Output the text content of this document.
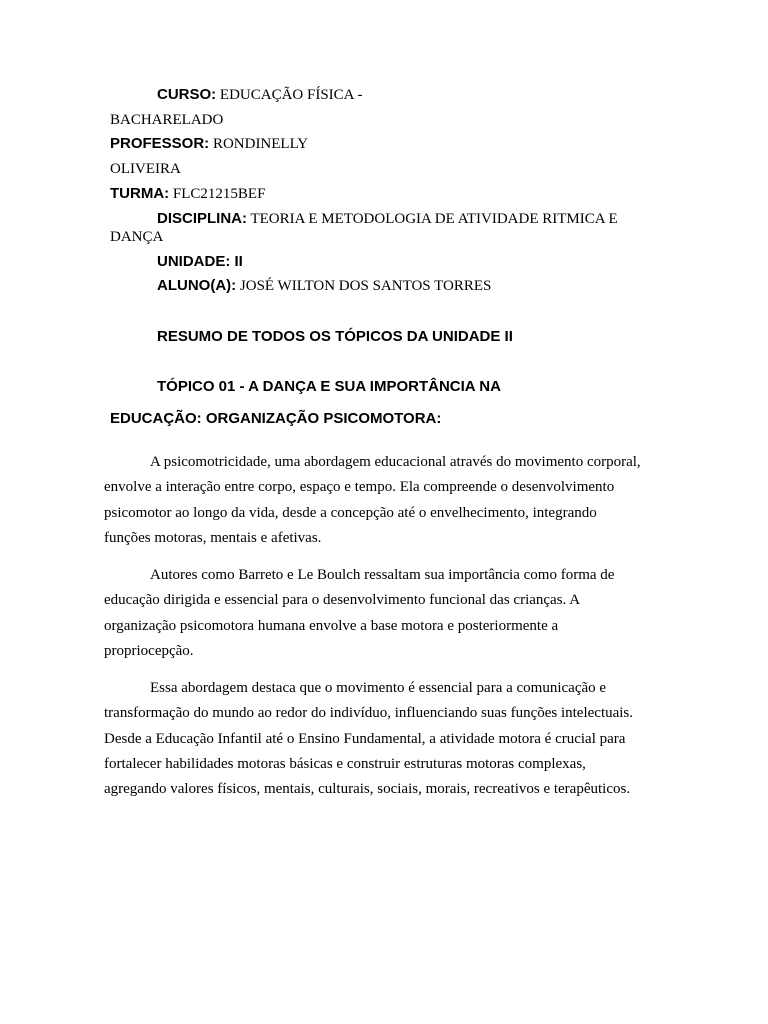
CURSO: EDUCAÇÃO FÍSICA -
BACHARELADO
PROFESSOR: RONDINELLY
OLIVEIRA
TURMA: FLC21215BEF
DISCIPLINA: TEORIA E METODOLOGIA DE ATIVIDADE RITMICA E
DANÇA
UNIDADE: II
ALUNO(A): JOSÉ WILTON DOS SANTOS TORRES
RESUMO DE TODOS OS TÓPICOS DA UNIDADE II
TÓPICO 01 - A DANÇA E SUA IMPORTÂNCIA NA
EDUCAÇÃO: ORGANIZAÇÃO PSICOMOTORA:
A psicomotricidade, uma abordagem educacional através do movimento corporal,
envolve a interação entre corpo, espaço e tempo. Ela compreende o desenvolvimento
psicomotor ao longo da vida, desde a concepção até o envelhecimento, integrando
funções motoras, mentais e afetivas.
Autores como Barreto e Le Boulch ressaltam sua importância como forma de
educação dirigida e essencial para o desenvolvimento funcional das crianças. A
organização psicomotora humana envolve a base motora e posteriormente a
propriocepção.
Essa abordagem destaca que o movimento é essencial para a comunicação e
transformação do mundo ao redor do indivíduo, influenciando suas funções intelectuais.
Desde a Educação Infantil até o Ensino Fundamental, a atividade motora é crucial para
fortalecer habilidades motoras básicas e construir estruturas motoras complexas,
agregando valores físicos, mentais, culturais, sociais, morais, recreativos e terapêuticos.
